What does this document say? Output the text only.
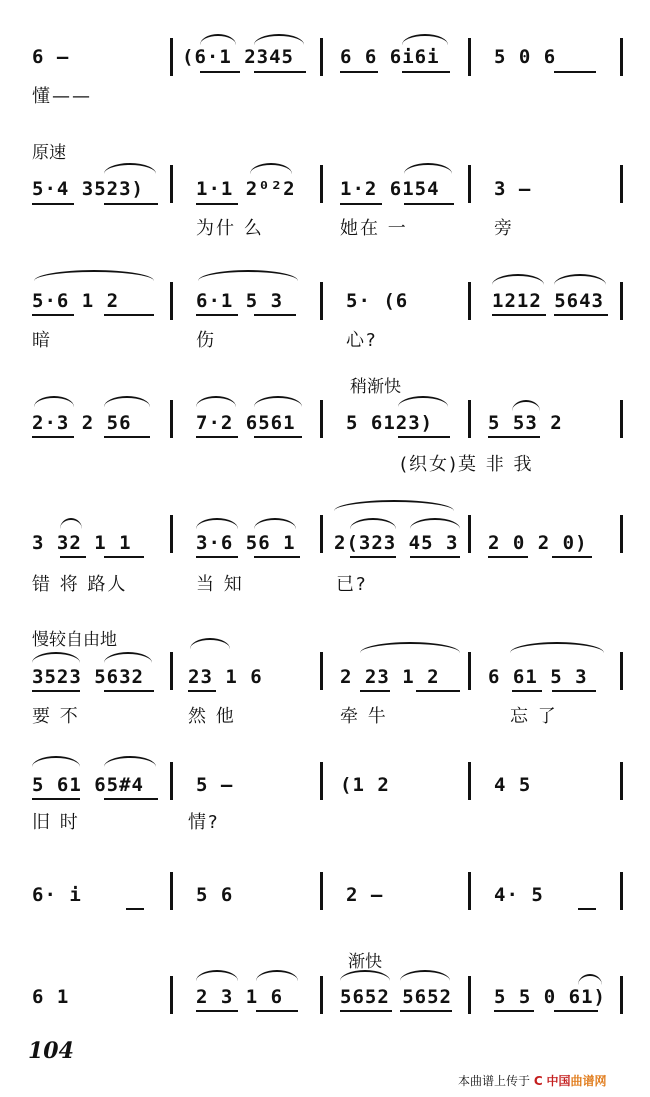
6 —	(6·1 2345 6 6 6i6i	5 0 6
懂——
原速
5·4 3523)	1·1 2⁰²2 1·2 6154	3 —
为什 么	她在 一	旁
5·6 1 2	6·1 5 3	5· (6	1212 5643
暗	伤	心?
稍渐快
2·3 2 56	7·2 6561	5 6123)	5 53 2
(织女)莫 非 我
3 32 1 1	3·6 56 1 2(323 45 3 2 0 2 0)
错 将 路人	当 知	已?
慢较自由地
3523 5632 23 1 6	2 23 1 2	6 61 5 3
要 不	然 他	牵 牛	忘 了
5 61 65#4	5 —	(1 2	4 5
旧 时	情?
6· i	5 6	2 —	4· 5
渐快
6 1	2 3 1 6	5652 5652 5 5 0 61)
104
本曲谱上传于 C 中国曲谱网
